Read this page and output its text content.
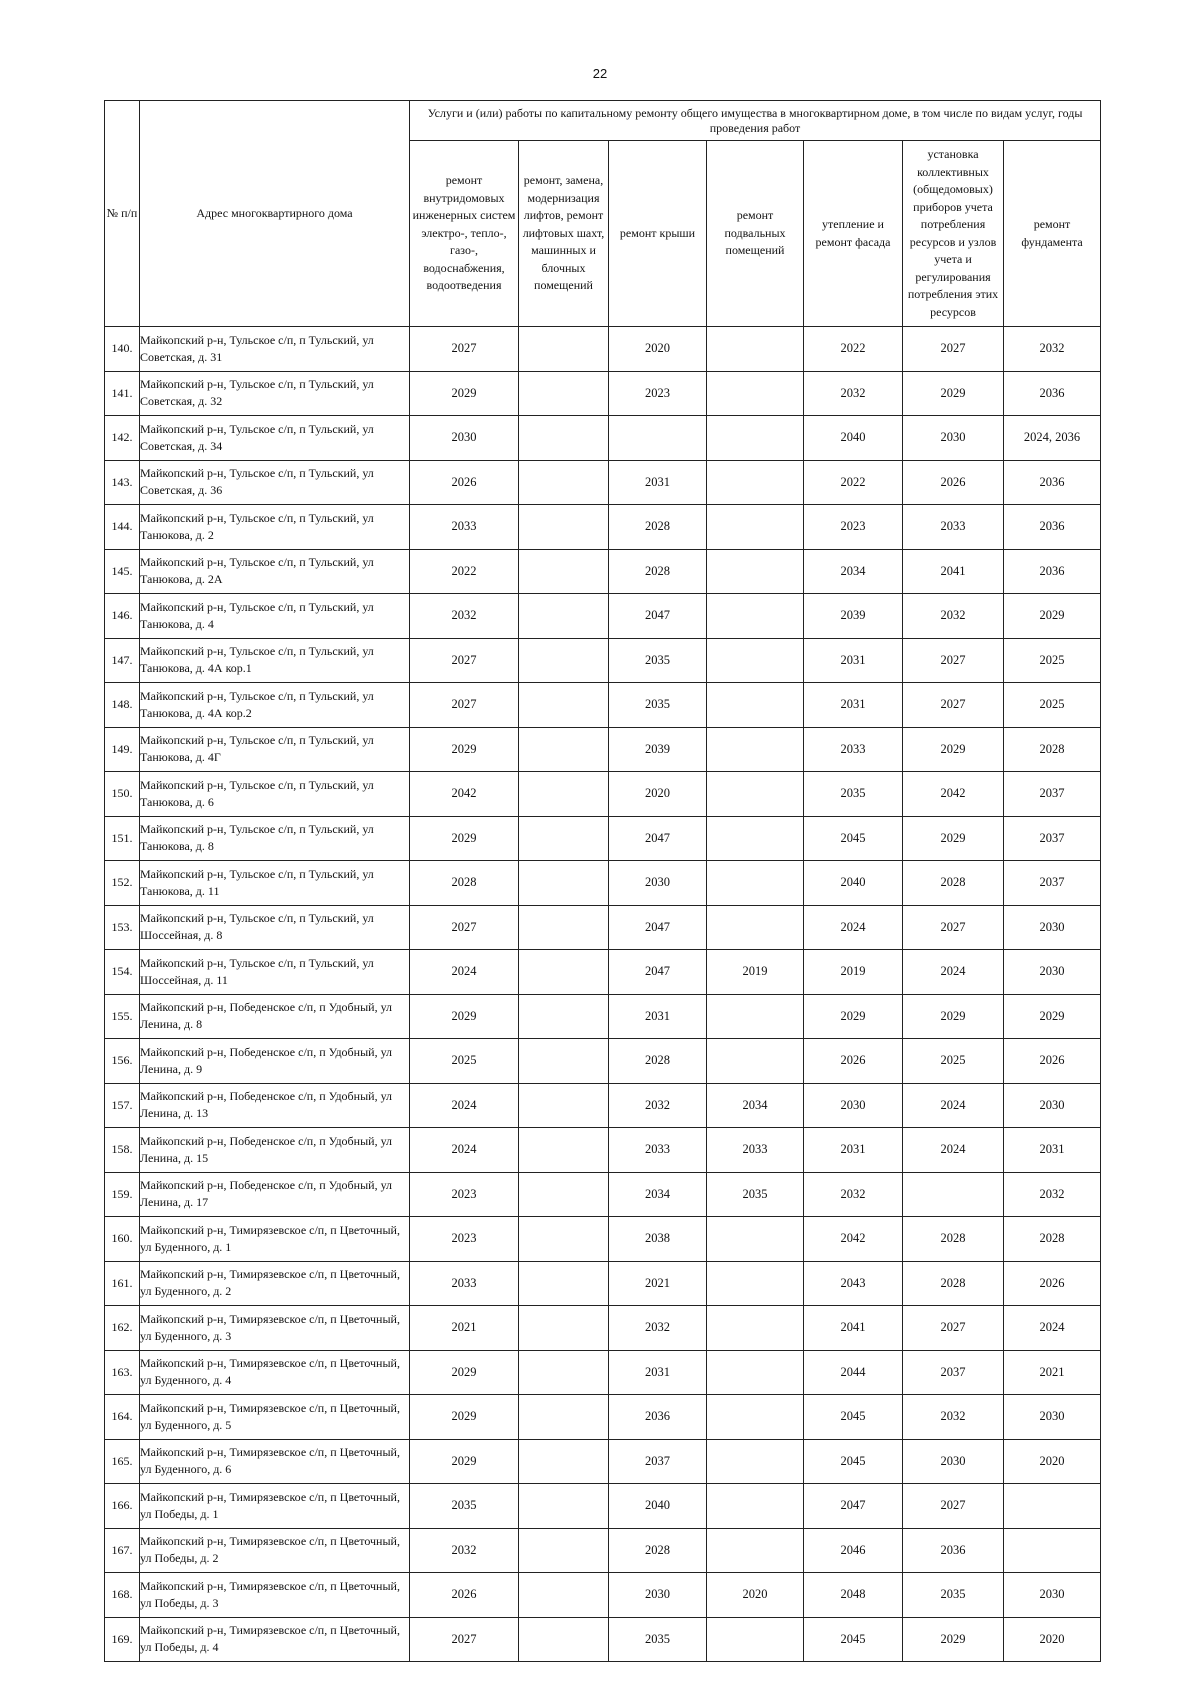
22
№ п/п	Адрес многоквартирного дома	Услуги и (или) работы по капитальному ремонту общего имущества в многоквартирном доме, в том числе по видам услуг, годы проведения работ						
		ремонт внутридомовых инженерных систем электро-, тепло-, газо-, водоснабжения, водоотведения	ремонт, замена, модернизация лифтов, ремонт лифтовых шахт, машинных и блочных помещений	ремонт крыши	ремонт подвальных помещений	утепление и ремонт фасада	установка коллективных (общедомовых) приборов учета потребления ресурсов и узлов учета и регулирования потребления этих ресурсов	ремонт фундамента
140.	Майкопский р-н, Тульское с/п, п Тульский, ул Советская, д. 31	2027		2020		2022	2027	2032
141.	Майкопский р-н, Тульское с/п, п Тульский, ул Советская, д. 32	2029		2023		2032	2029	2036
142.	Майкопский р-н, Тульское с/п, п Тульский, ул Советская, д. 34	2030				2040	2030	2024, 2036
143.	Майкопский р-н, Тульское с/п, п Тульский, ул Советская, д. 36	2026		2031		2022	2026	2036
144.	Майкопский р-н, Тульское с/п, п Тульский, ул Танюкова, д. 2	2033		2028		2023	2033	2036
145.	Майкопский р-н, Тульское с/п, п Тульский, ул Танюкова, д. 2А	2022		2028		2034	2041	2036
146.	Майкопский р-н, Тульское с/п, п Тульский, ул Танюкова, д. 4	2032		2047		2039	2032	2029
147.	Майкопский р-н, Тульское с/п, п Тульский, ул Танюкова, д. 4А кор.1	2027		2035		2031	2027	2025
148.	Майкопский р-н, Тульское с/п, п Тульский, ул Танюкова, д. 4А кор.2	2027		2035		2031	2027	2025
149.	Майкопский р-н, Тульское с/п, п Тульский, ул Танюкова, д. 4Г	2029		2039		2033	2029	2028
150.	Майкопский р-н, Тульское с/п, п Тульский, ул Танюкова, д. 6	2042		2020		2035	2042	2037
151.	Майкопский р-н, Тульское с/п, п Тульский, ул Танюкова, д. 8	2029		2047		2045	2029	2037
152.	Майкопский р-н, Тульское с/п, п Тульский, ул Танюкова, д. 11	2028		2030		2040	2028	2037
153.	Майкопский р-н, Тульское с/п, п Тульский, ул Шоссейная, д. 8	2027		2047		2024	2027	2030
154.	Майкопский р-н, Тульское с/п, п Тульский, ул Шоссейная, д. 11	2024		2047	2019	2019	2024	2030
155.	Майкопский р-н, Победенское с/п, п Удобный, ул Ленина, д. 8	2029		2031		2029	2029	2029
156.	Майкопский р-н, Победенское с/п, п Удобный, ул Ленина, д. 9	2025		2028		2026	2025	2026
157.	Майкопский р-н, Победенское с/п, п Удобный, ул Ленина, д. 13	2024		2032	2034	2030	2024	2030
158.	Майкопский р-н, Победенское с/п, п Удобный, ул Ленина, д. 15	2024		2033	2033	2031	2024	2031
159.	Майкопский р-н, Победенское с/п, п Удобный, ул Ленина, д. 17	2023		2034	2035	2032		2032
160.	Майкопский р-н, Тимирязевское с/п, п Цветочный, ул Буденного, д. 1	2023		2038		2042	2028	2028
161.	Майкопский р-н, Тимирязевское с/п, п Цветочный, ул Буденного, д. 2	2033		2021		2043	2028	2026
162.	Майкопский р-н, Тимирязевское с/п, п Цветочный, ул Буденного, д. 3	2021		2032		2041	2027	2024
163.	Майкопский р-н, Тимирязевское с/п, п Цветочный, ул Буденного, д. 4	2029		2031		2044	2037	2021
164.	Майкопский р-н, Тимирязевское с/п, п Цветочный, ул Буденного, д. 5	2029		2036		2045	2032	2030
165.	Майкопский р-н, Тимирязевское с/п, п Цветочный, ул Буденного, д. 6	2029		2037		2045	2030	2020
166.	Майкопский р-н, Тимирязевское с/п, п Цветочный, ул Победы, д. 1	2035		2040		2047	2027	
167.	Майкопский р-н, Тимирязевское с/п, п Цветочный, ул Победы, д. 2	2032		2028		2046	2036	
168.	Майкопский р-н, Тимирязевское с/п, п Цветочный, ул Победы, д. 3	2026		2030	2020	2048	2035	2030
169.	Майкопский р-н, Тимирязевское с/п, п Цветочный, ул Победы, д. 4	2027		2035		2045	2029	2020
